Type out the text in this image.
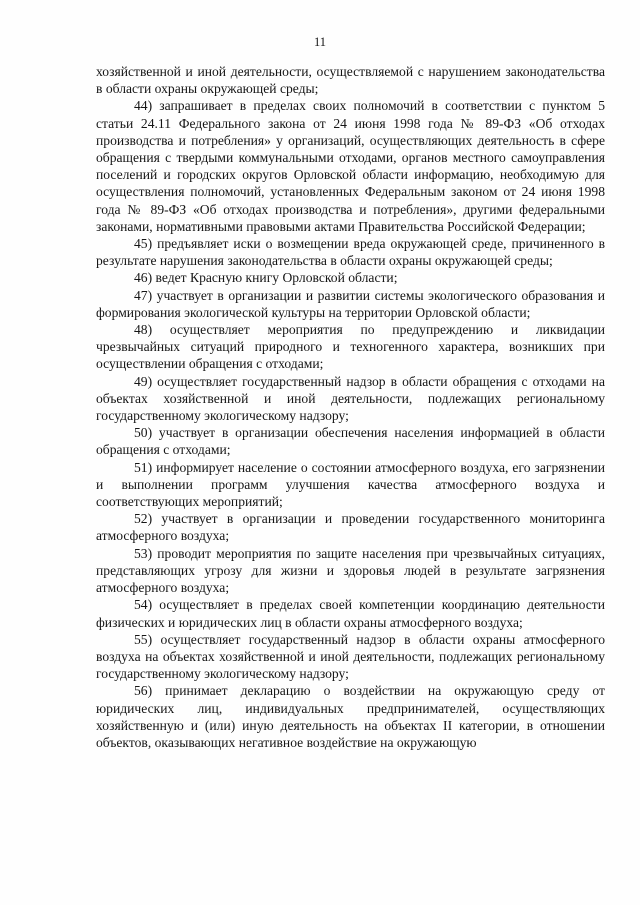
11

хозяйственной и иной деятельности, осуществляемой с нарушением законодательства в области охраны окружающей среды;

44) запрашивает в пределах своих полномочий в соответствии с пунктом 5 статьи 24.11 Федерального закона от 24 июня 1998 года № 89-ФЗ «Об отходах производства и потребления» у организаций, осуществляющих деятельность в сфере обращения с твердыми коммунальными отходами, органов местного самоуправления поселений и городских округов Орловской области информацию, необходимую для осуществления полномочий, установленных Федеральным законом от 24 июня 1998 года № 89-ФЗ «Об отходах производства и потребления», другими федеральными законами, нормативными правовыми актами Правительства Российской Федерации;

45) предъявляет иски о возмещении вреда окружающей среде, причиненного в результате нарушения законодательства в области охраны окружающей среды;

46) ведет Красную книгу Орловской области;

47) участвует в организации и развитии системы экологического образования и формирования экологической культуры на территории Орловской области;

48) осуществляет мероприятия по предупреждению и ликвидации чрезвычайных ситуаций природного и техногенного характера, возникших при осуществлении обращения с отходами;

49) осуществляет государственный надзор в области обращения с отходами на объектах хозяйственной и иной деятельности, подлежащих региональному государственному экологическому надзору;

50) участвует в организации обеспечения населения информацией в области обращения с отходами;

51) информирует население о состоянии атмосферного воздуха, его загрязнении и выполнении программ улучшения качества атмосферного воздуха и соответствующих мероприятий;

52) участвует в организации и проведении государственного мониторинга атмосферного воздуха;

53) проводит мероприятия по защите населения при чрезвычайных ситуациях, представляющих угрозу для жизни и здоровья людей в результате загрязнения атмосферного воздуха;

54) осуществляет в пределах своей компетенции координацию деятельности физических и юридических лиц в области охраны атмосферного воздуха;

55) осуществляет государственный надзор в области охраны атмосферного воздуха на объектах хозяйственной и иной деятельности, подлежащих региональному государственному экологическому надзору;

56) принимает декларацию о воздействии на окружающую среду от юридических лиц, индивидуальных предпринимателей, осуществляющих хозяйственную и (или) иную деятельность на объектах II категории, в отношении объектов, оказывающих негативное воздействие на окружающую
